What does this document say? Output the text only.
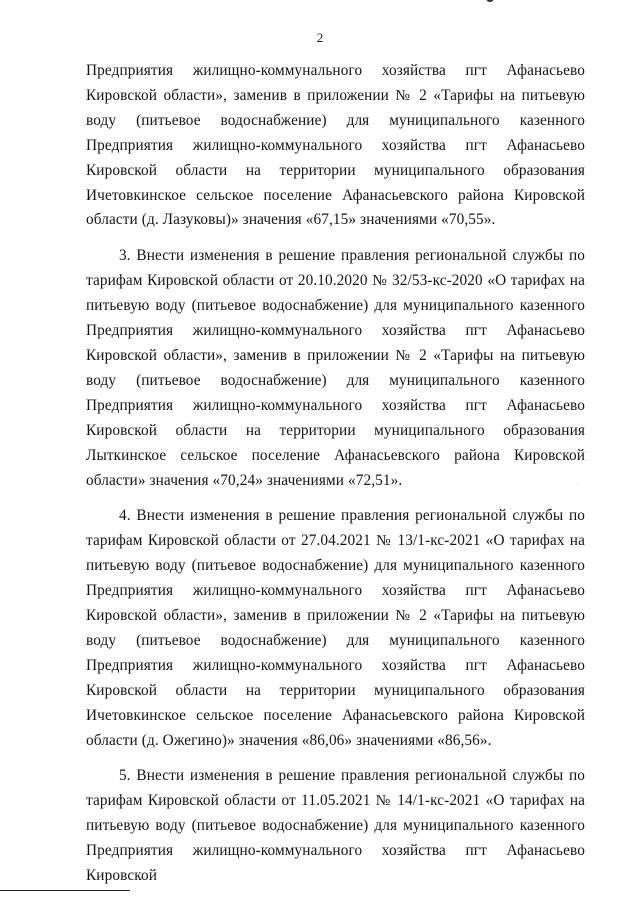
2

Предприятия жилищно-коммунального хозяйства пгт Афанасьево Кировской области», заменив в приложении № 2 «Тарифы на питьевую воду (питьевое водоснабжение) для муниципального казенного Предприятия жилищно-коммунального хозяйства пгт Афанасьево Кировской области на территории муниципального образования Ичетовкинское сельское поселение Афанасьевского района Кировской области (д. Лазуковы)» значения «67,15» значениями «70,55».

3. Внести изменения в решение правления региональной службы по тарифам Кировской области от 20.10.2020 № 32/53-кс-2020 «О тарифах на питьевую воду (питьевое водоснабжение) для муниципального казенного Предприятия жилищно-коммунального хозяйства пгт Афанасьево Кировской области», заменив в приложении № 2 «Тарифы на питьевую воду (питьевое водоснабжение) для муниципального казенного Предприятия жилищно-коммунального хозяйства пгт Афанасьево Кировской области на территории муниципального образования Лыткинское сельское поселение Афанасьевского района Кировской области» значения «70,24» значениями «72,51».

4. Внести изменения в решение правления региональной службы по тарифам Кировской области от 27.04.2021 № 13/1-кс-2021 «О тарифах на питьевую воду (питьевое водоснабжение) для муниципального казенного Предприятия жилищно-коммунального хозяйства пгт Афанасьево Кировской области», заменив в приложении № 2 «Тарифы на питьевую воду (питьевое водоснабжение) для муниципального казенного Предприятия жилищно-коммунального хозяйства пгт Афанасьево Кировской области на территории муниципального образования Ичетовкинское сельское поселение Афанасьевского района Кировской области (д. Ожегино)» значения «86,06» значениями «86,56».

5. Внести изменения в решение правления региональной службы по тарифам Кировской области от 11.05.2021 № 14/1-кс-2021 «О тарифах на питьевую воду (питьевое водоснабжение) для муниципального казенного Предприятия жилищно-коммунального хозяйства пгт Афанасьево Кировской

·
